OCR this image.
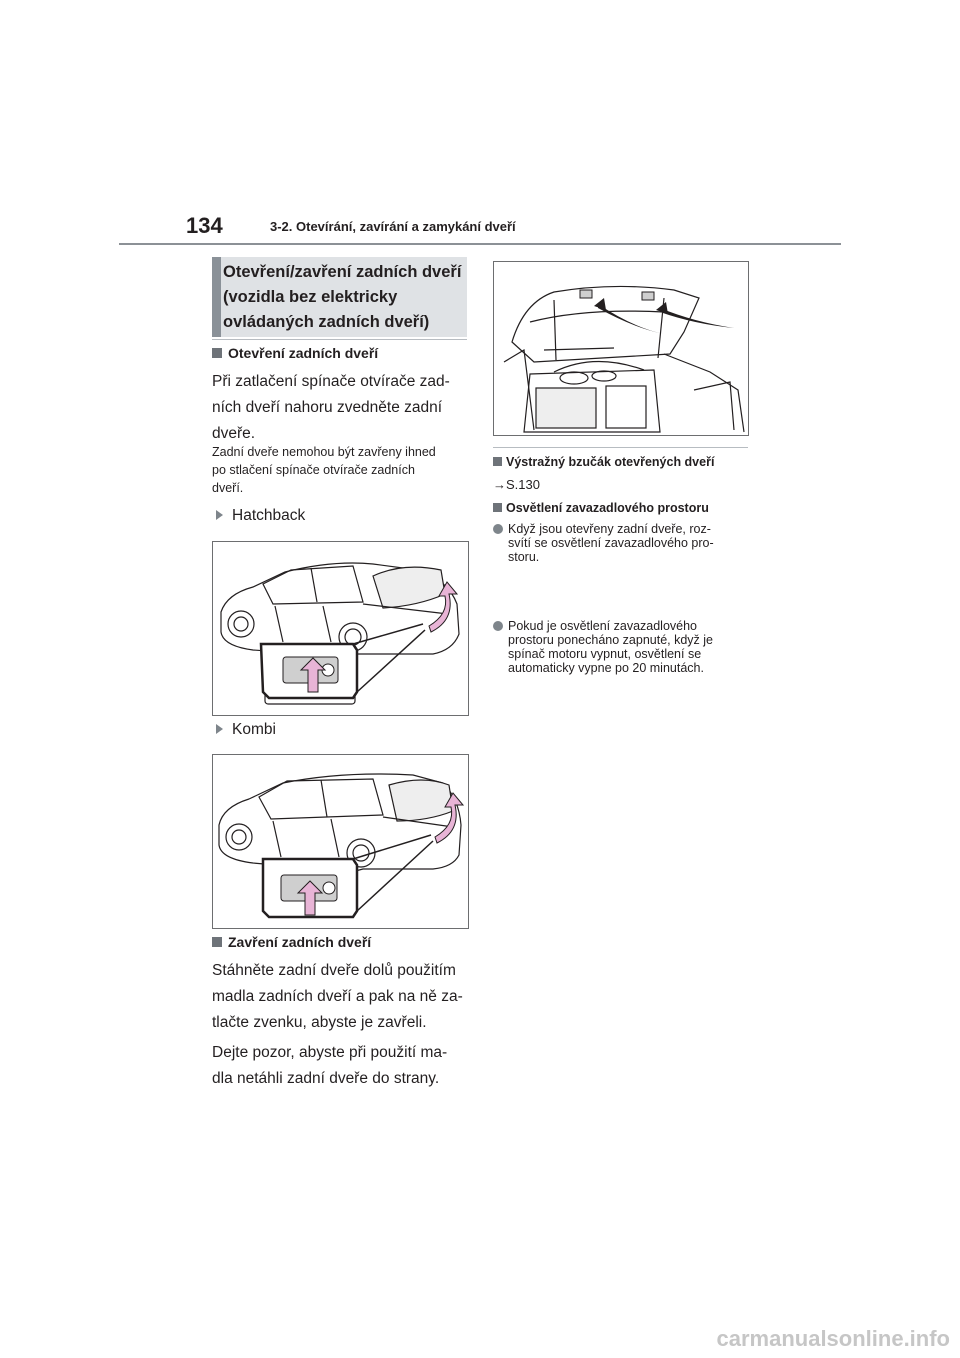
134	3-2. Otevírání, zavírání a zamykání dveří
Otevření/zavření zadních dveří (vozidla bez elektricky ovládaných zadních dveří)
Otevření zadních dveří
Při zatlačení spínače otvírače zad-
ních dveří nahoru zvedněte zadní
dveře.
Zadní dveře nemohou být zavřeny ihned
po stlačení spínače otvírače zadních
dveří.
Hatchback
Kombi
Zavření zadních dveří
Stáhněte zadní dveře dolů použitím
madla zadních dveří a pak na ně za-
tlačte zvenku, abyste je zavřeli.
Dejte pozor, abyste při použití ma-
dla netáhli zadní dveře do strany.
Výstražný bzučák otevřených dveří
→S.130
Osvětlení zavazadlového prostoru
Když jsou otevřeny zadní dveře, roz-
svítí se osvětlení zavazadlového pro-
storu.
Pokud je osvětlení zavazadlového
prostoru ponecháno zapnuté, když je
spínač motoru vypnut, osvětlení se
automaticky vypne po 20 minutách.
carmanualsonline.info
